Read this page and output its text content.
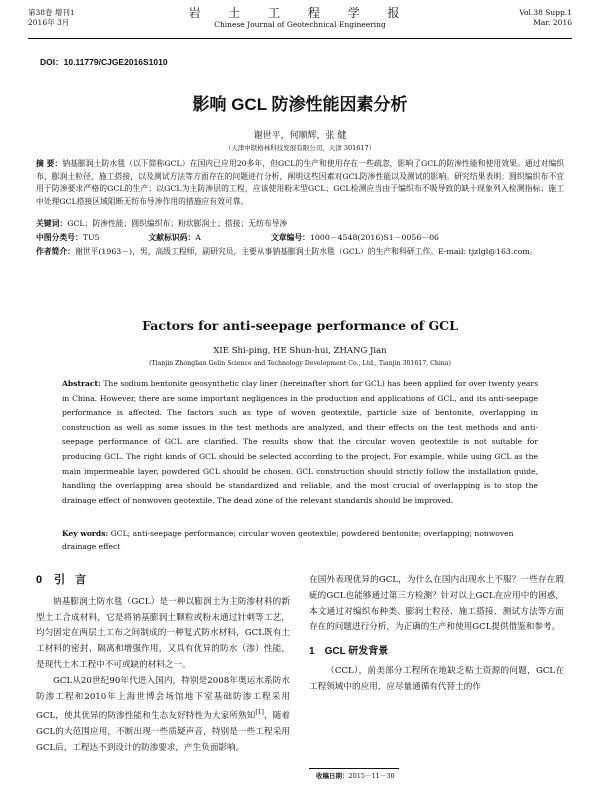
第38卷 增刊1
2016年 3月
岩 土 工 程 学 报
Chinese Journal of Geotechnical Engineering
Vol.38 Supp.1
Mar. 2016
DOI：10.11779/CJGE2016S1010
影响 GCL 防渗性能因素分析
谢世平，何顺辉，张 健
（天津中联格林科技发展有限公司，天津 301617）
摘 要：钠基膨润土防水毯（以下简称GCL）在国内已应用20多年，但GCL的生产和使用存在一些疏忽，影响了GCL的防渗性能和使用效果。通过对编织布、膨润土粒径、施工搭接，以及测试方法等方面存在的问题进行分析，阐明这些因素对GCL防渗性能以及测试的影响。研究结果表明：圆织编织布不宜用于防渗要求严格的GCL的生产；以GCL为主防渗层的工程，应该使用粉末型GCL；GCL检测应当由于编织布不吸导致的缺十现象列入检测指标；施工中处理GCL搭接区域阻断无纺布导渗作用的措施应有效可靠。
关键词：GCL；防渗性能；圆织编织布；粉状膨润土；搭接；无纺布导渗
中图分类号：TU5	文献标识码：A	文章编号：1000－4548(2016)S1－0056－06
作者简介：谢世平(1963－)，男，高级工程师，副研究员，主要从事钠基膨润土防水毯（GCL）的生产和科研工作。E-mail: tjzlgl@163.com。
Factors for anti-seepage performance of GCL
XIE Shi-ping, HE Shun-hui, ZHANG Jian
(Tianjin Zhonglian Gelin Science and Technology Development Co., Ltd., Tianjin 301617, China)
Abstract: The sodium bentonite geosynthetic clay liner (hereinafter short for GCL) has been applied for over twenty years in China. However, there are some important negligences in the production and applications of GCL, and its anti-seepage performance is affected. The factors such as type of woven geotextile, particle size of bentonite, overlapping in construction as well as some issues in the test methods are analyzed, and their effects on the test methods and anti-seepage performance of GCL are clarified. The results show that the circular woven geotextile is not suitable for producing GCL. The right kinds of GCL should be selected according to the project. For example, while using GCL as the main impermeable layer, powdered GCL should be chosen. GCL construction should strictly follow the installation guide, handling the overlapping area should be standardized and reliable, and the most crucial of overlapping is to stop the drainage effect of nonwoven geotextile. The dead zone of the relevant standards should be improved.
Key words: GCL; anti-seepage performance; circular woven geotextile; powdered bentonite; overlapping; nonwoven drainage effect
0 引言

钠基膨润土防水毯（GCL）是一种以膨润土为主防渗材料的新型土工合成材料，它是将钠基膨润土颗粒或粉末通过针刺等工艺，均匀固定在两层土工布之间制成的一种复式防水材料，GCL既有土工材料的密封、隔离和增强作用，又具有优异的防水（渗）性能，是现代土木工程中不可或缺的材料之一。

GCL从20世纪90年代进入国内，特别是2008年奥运水系防水防渗工程和2010年上海世博会场馆地下室基础防渗工程采用GCL，使其优异的防渗性能和生态友好特性为大家所熟知[1]，随着GCL的大范围应用，不断出现一些质疑声音，特别是一些工程采用GCL后，工程达不到设计的防渗要求，产生负面影响。

在国外表现优异的GCL，为什么在国内出现水土不服？一些存在瑕疵的GCL也能够通过第三方检测？针对以上GCL在应用中的困惑，本文通过对编织布种类、膨润土粒径、施工搭接、测试方法等方面存在的问题进行分析，为正确的生产和使用GCL提供借鉴和参考。

1 GCL 研发背景

（CCL），前美部分工程所在地缺乏粘土资源的问题，GCL在工程领域中的应用，应尽量通循有代替土的作

收稿日期：2015－11－30
